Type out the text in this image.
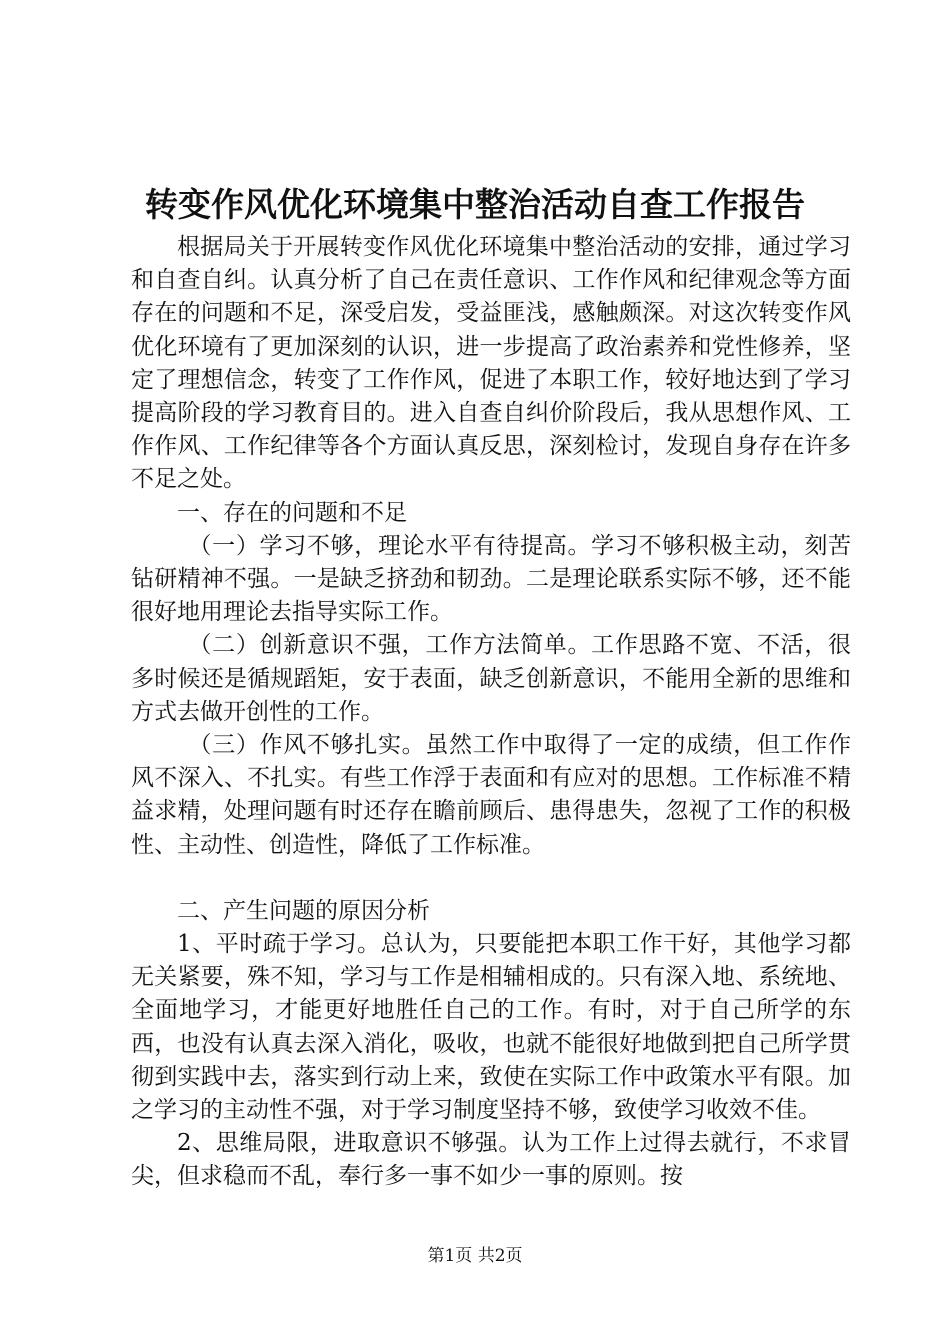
转变作风优化环境集中整治活动自查工作报告

根据局关于开展转变作风优化环境集中整治活动的安排，通过学习和自查自纠。认真分析了自己在责任意识、工作作风和纪律观念等方面存在的问题和不足，深受启发，受益匪浅，感触颇深。对这次转变作风优化环境有了更加深刻的认识，进一步提高了政治素养和党性修养，坚定了理想信念，转变了工作作风，促进了本职工作，较好地达到了学习提高阶段的学习教育目的。进入自查自纠价阶段后，我从思想作风、工作作风、工作纪律等各个方面认真反思，深刻检讨，发现自身存在许多不足之处。

一、存在的问题和不足

（一）学习不够，理论水平有待提高。学习不够积极主动，刻苦钻研精神不强。一是缺乏挤劲和韧劲。二是理论联系实际不够，还不能很好地用理论去指导实际工作。

（二）创新意识不强，工作方法简单。工作思路不宽、不活，很多时候还是循规蹈矩，安于表面，缺乏创新意识，不能用全新的思维和方式去做开创性的工作。

（三）作风不够扎实。虽然工作中取得了一定的成绩，但工作作风不深入、不扎实。有些工作浮于表面和有应对的思想。工作标准不精益求精，处理问题有时还存在瞻前顾后、患得患失，忽视了工作的积极性、主动性、创造性，降低了工作标准。

二、产生问题的原因分析

1、平时疏于学习。总认为，只要能把本职工作干好，其他学习都无关紧要，殊不知，学习与工作是相辅相成的。只有深入地、系统地、全面地学习，才能更好地胜任自己的工作。有时，对于自己所学的东西，也没有认真去深入消化，吸收，也就不能很好地做到把自己所学贯彻到实践中去，落实到行动上来，致使在实际工作中政策水平有限。加之学习的主动性不强，对于学习制度坚持不够，致使学习收效不佳。

2、思维局限，进取意识不够强。认为工作上过得去就行，不求冒尖，但求稳而不乱，奉行多一事不如少一事的原则。按

第1页 共2页
